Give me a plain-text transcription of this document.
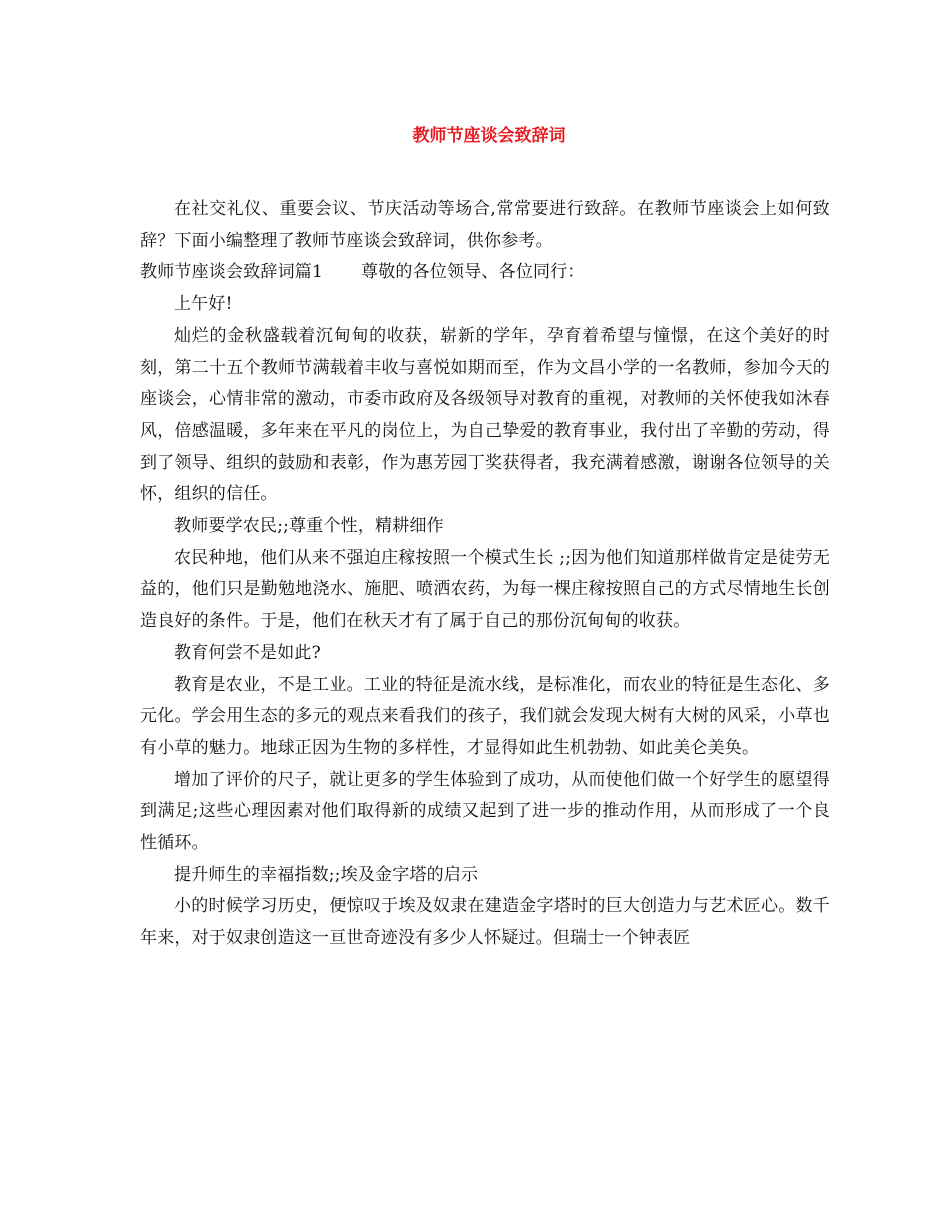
教师节座谈会致辞词

在社交礼仪、重要会议、节庆活动等场合,常常要进行致辞。在教师节座谈会上如何致辞？下面小编整理了教师节座谈会致辞词，供你参考。

教师节座谈会致辞词篇1 尊敬的各位领导、各位同行：

上午好!

灿烂的金秋盛载着沉甸甸的收获，崭新的学年，孕育着希望与憧憬，在这个美好的时刻，第二十五个教师节满载着丰收与喜悦如期而至，作为文昌小学的一名教师，参加今天的座谈会，心情非常的激动，市委市政府及各级领导对教育的重视，对教师的关怀使我如沐春风，倍感温暖，多年来在平凡的岗位上，为自己挚爱的教育事业，我付出了辛勤的劳动，得到了领导、组织的鼓励和表彰，作为惠芳园丁奖获得者，我充满着感激，谢谢各位领导的关怀，组织的信任。

教师要学农民;;尊重个性，精耕细作

农民种地，他们从来不强迫庄稼按照一个模式生长 ;;因为他们知道那样做肯定是徒劳无益的，他们只是勤勉地浇水、施肥、喷洒农药，为每一棵庄稼按照自己的方式尽情地生长创造良好的条件。于是，他们在秋天才有了属于自己的那份沉甸甸的收获。

教育何尝不是如此?

教育是农业，不是工业。工业的特征是流水线，是标准化，而农业的特征是生态化、多元化。学会用生态的多元的观点来看我们的孩子，我们就会发现大树有大树的风采，小草也有小草的魅力。地球正因为生物的多样性，才显得如此生机勃勃、如此美仑美奂。

增加了评价的尺子，就让更多的学生体验到了成功，从而使他们做一个好学生的愿望得到满足;这些心理因素对他们取得新的成绩又起到了进一步的推动作用，从而形成了一个良性循环。

提升师生的幸福指数;;埃及金字塔的启示

小的时候学习历史，便惊叹于埃及奴隶在建造金字塔时的巨大创造力与艺术匠心。数千年来，对于奴隶创造这一亘世奇迹没有多少人怀疑过。但瑞士一个钟表匠
